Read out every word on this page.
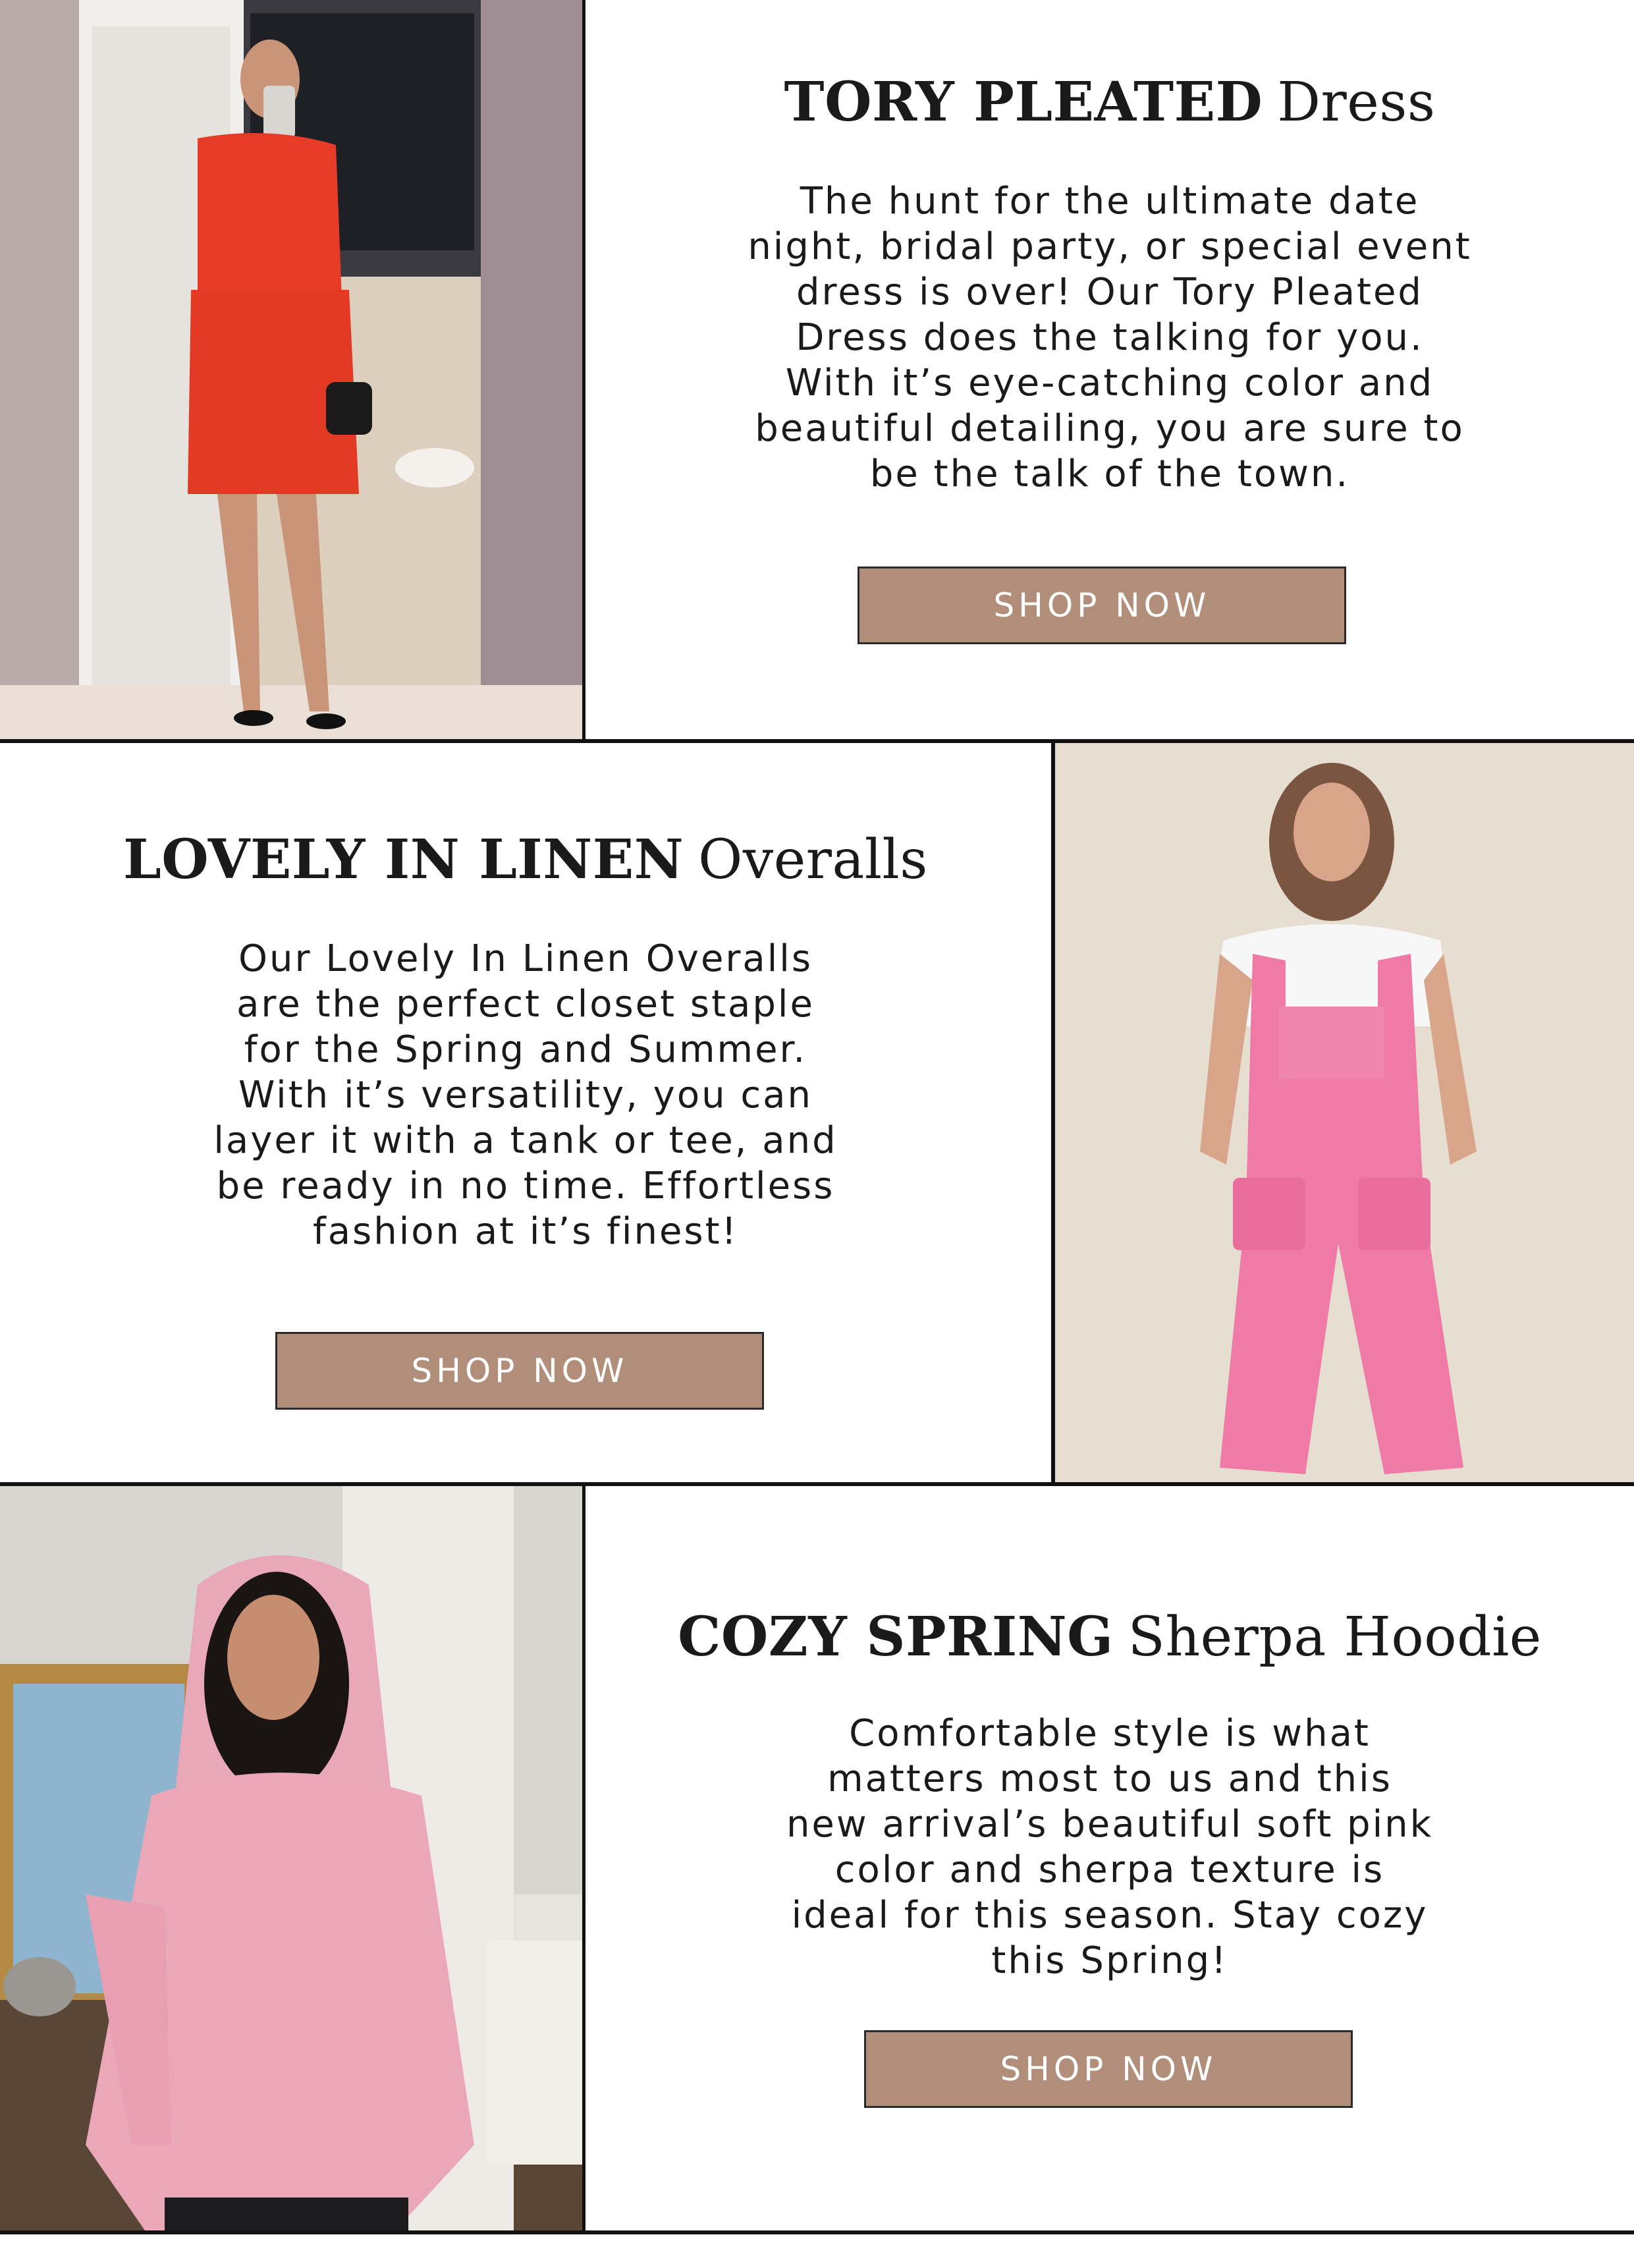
TORY PLEATED Dress
The hunt for the ultimate date
night, bridal party, or special event
dress is over! Our Tory Pleated
Dress does the talking for you.
With it’s eye-catching color and
beautiful detailing, you are sure to
be the talk of the town.
SHOP NOW
LOVELY IN LINEN Overalls
Our Lovely In Linen Overalls
are the perfect closet staple
for the Spring and Summer.
With it’s versatility, you can
layer it with a tank or tee, and
be ready in no time. Effortless
fashion at it’s finest!
SHOP NOW
COZY SPRING Sherpa Hoodie
Comfortable style is what
matters most to us and this
new arrival’s beautiful soft pink
color and sherpa texture is
ideal for this season. Stay cozy
this Spring!
SHOP NOW
